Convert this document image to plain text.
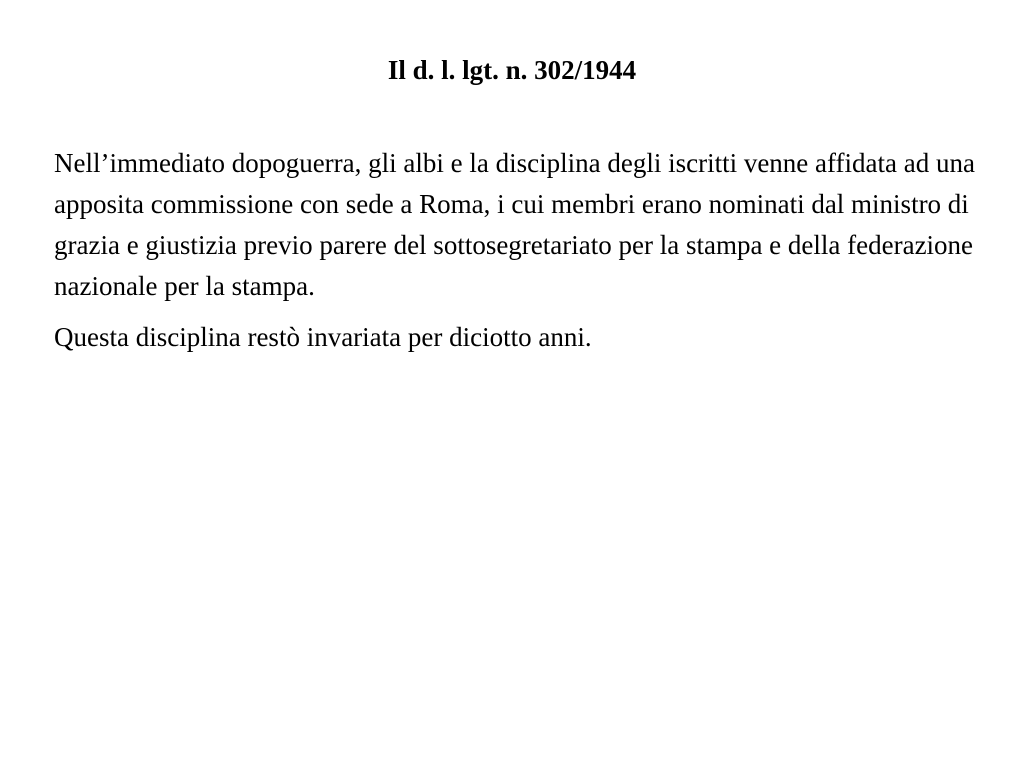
Il d. l. lgt. n. 302/1944

Nell’immediato dopoguerra, gli albi e la disciplina degli iscritti venne affidata ad una apposita commissione con sede a Roma, i cui membri erano nominati dal ministro di grazia e giustizia previo parere del sottosegretariato per la stampa e della federazione nazionale per la stampa.

Questa disciplina restò invariata per diciotto anni.
